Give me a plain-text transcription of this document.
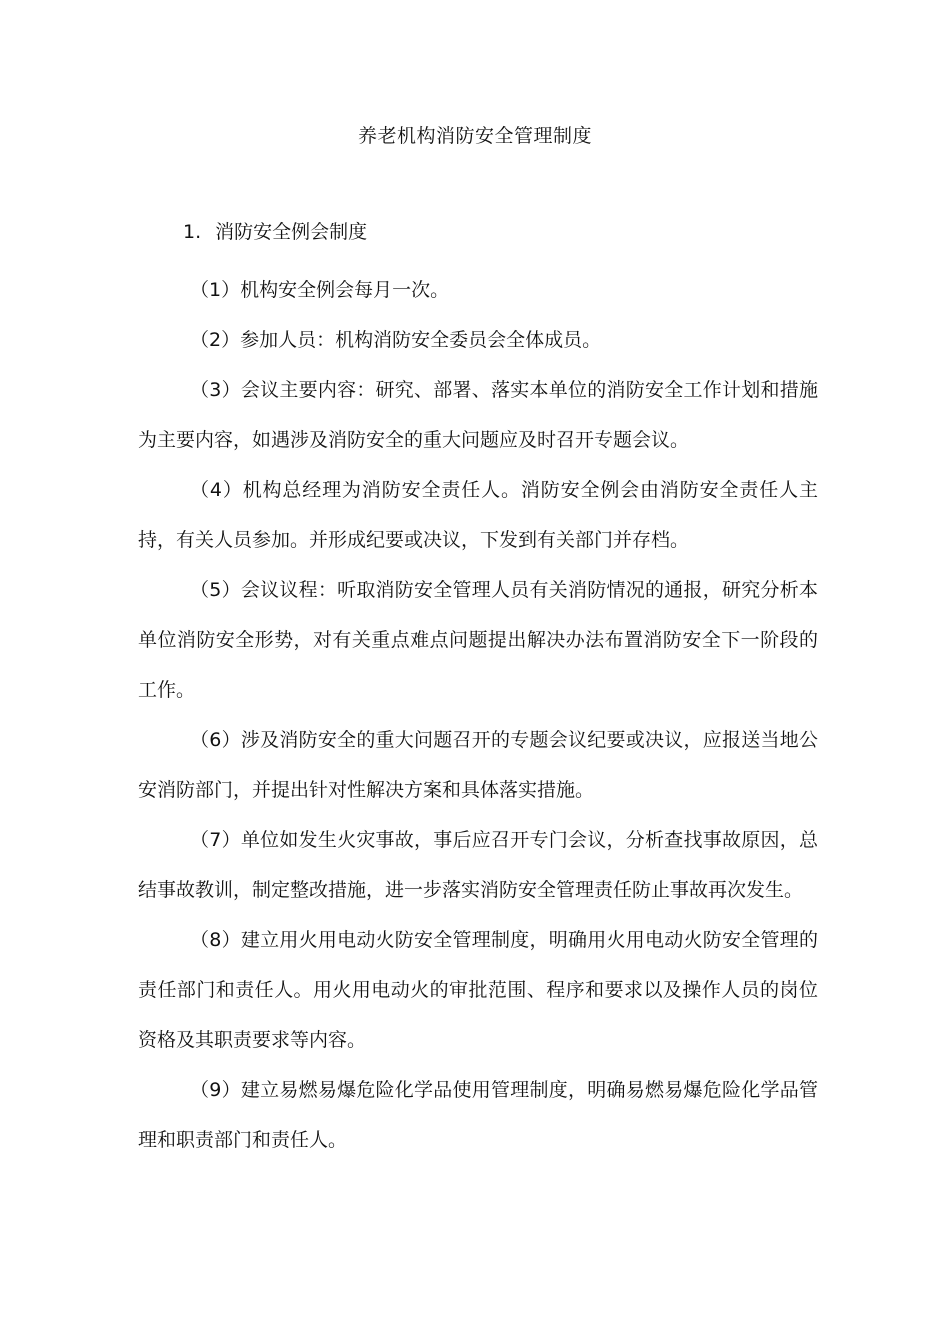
养老机构消防安全管理制度
1. 消防安全例会制度

（1）机构安全例会每月一次。

（2）参加人员：机构消防安全委员会全体成员。

（3）会议主要内容：研究、部署、落实本单位的消防安全工作计划和措施为主要内容，如遇涉及消防安全的重大问题应及时召开专题会议。

（4）机构总经理为消防安全责任人。消防安全例会由消防安全责任人主持，有关人员参加。并形成纪要或决议，下发到有关部门并存档。

（5）会议议程：听取消防安全管理人员有关消防情况的通报，研究分析本单位消防安全形势，对有关重点难点问题提出解决办法布置消防安全下一阶段的工作。

（6）涉及消防安全的重大问题召开的专题会议纪要或决议，应报送当地公安消防部门，并提出针对性解决方案和具体落实措施。

（7）单位如发生火灾事故，事后应召开专门会议，分析查找事故原因，总结事故教训，制定整改措施，进一步落实消防安全管理责任防止事故再次发生。

（8）建立用火用电动火防安全管理制度，明确用火用电动火防安全管理的责任部门和责任人。用火用电动火的审批范围、程序和要求以及操作人员的岗位资格及其职责要求等内容。

（9）建立易燃易爆危险化学品使用管理制度，明确易燃易爆危险化学品管理和职责部门和责任人。
